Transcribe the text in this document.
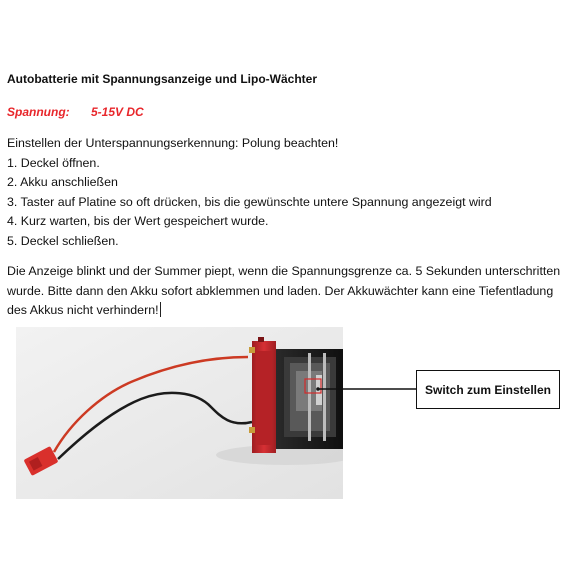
Autobatterie mit Spannungsanzeige und Lipo-Wächter
Spannung: 5-15V DC
Einstellen der Unterspannungserkennung: Polung beachten!
1. Deckel öffnen.
2. Akku anschließen
3. Taster auf Platine so oft drücken, bis die gewünschte untere Spannung angezeigt wird
4. Kurz warten, bis der Wert gespeichert wurde.
5. Deckel schließen.
Die Anzeige blinkt und der Summer piept, wenn die Spannungsgrenze ca. 5 Sekunden unterschritten
wurde. Bitte dann den Akku sofort abklemmen und laden. Der Akkuwächter kann eine Tiefentladung
des Akkus nicht verhindern!
Switch zum Einstellen
